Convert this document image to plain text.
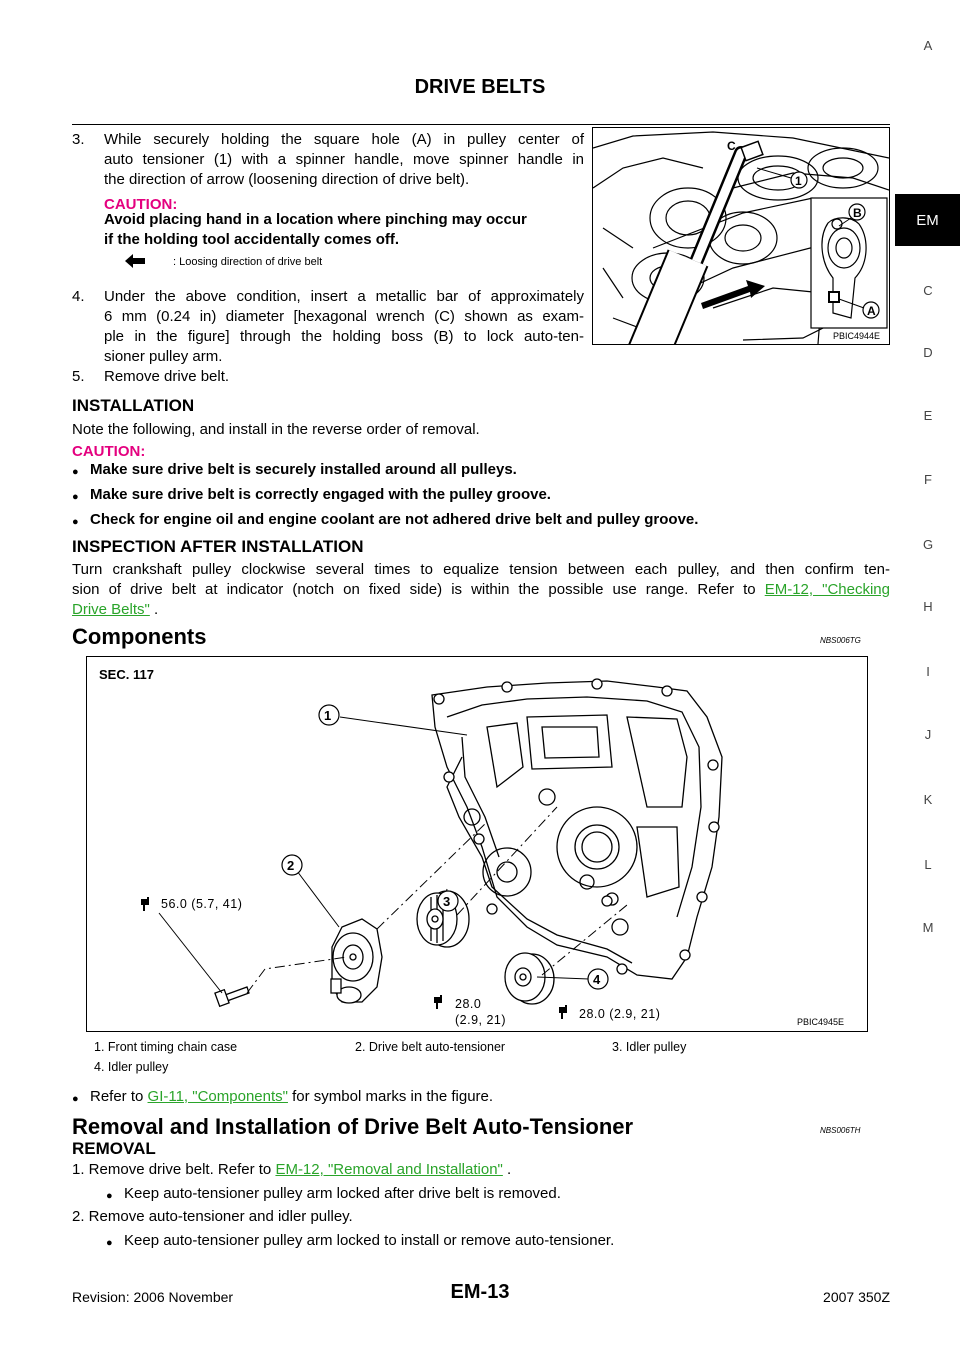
DRIVE BELTS
A
EM
C
D
E
F
G
H
I
J
K
L
M
3. While securely holding the square hole (A) in pulley center of
auto tensioner (1) with a spinner handle, move spinner handle in
the direction of arrow (loosening direction of drive belt).
CAUTION:
Avoid placing hand in a location where pinching may occur
if the holding tool accidentally comes off.
: Loosing direction of drive belt
4. Under the above condition, insert a metallic bar of approximately
6 mm (0.24 in) diameter [hexagonal wrench (C) shown as exam-
ple in the figure] through the holding boss (B) to lock auto-ten-
sioner pulley arm.
5. Remove drive belt.
C
1
B
A
PBIC4944E
INSTALLATION
Note the following, and install in the reverse order of removal.
CAUTION:
● Make sure drive belt is securely installed around all pulleys.
● Make sure drive belt is correctly engaged with the pulley groove.
● Check for engine oil and engine coolant are not adhered drive belt and pulley groove.
INSPECTION AFTER INSTALLATION
Turn crankshaft pulley clockwise several times to equalize tension between each pulley, and then confirm ten-
sion of drive belt at indicator (notch on fixed side) is within the possible use range. Refer to EM-12, "Checking
Drive Belts" .
Components	NBS006TG
SEC. 117
1
2
3
4
56.0 (5.7, 41)
28.0
(2.9, 21)	28.0 (2.9, 21)
PBIC4945E
1. Front timing chain case	2. Drive belt auto-tensioner	3. Idler pulley
4. Idler pulley
● Refer to GI-11, "Components" for symbol marks in the figure.
Removal and Installation of Drive Belt Auto-Tensioner	NBS006TH
REMOVAL
1. Remove drive belt. Refer to EM-12, "Removal and Installation" .
● Keep auto-tensioner pulley arm locked after drive belt is removed.
2. Remove auto-tensioner and idler pulley.
● Keep auto-tensioner pulley arm locked to install or remove auto-tensioner.
Revision: 2006 November	EM-13	2007 350Z
